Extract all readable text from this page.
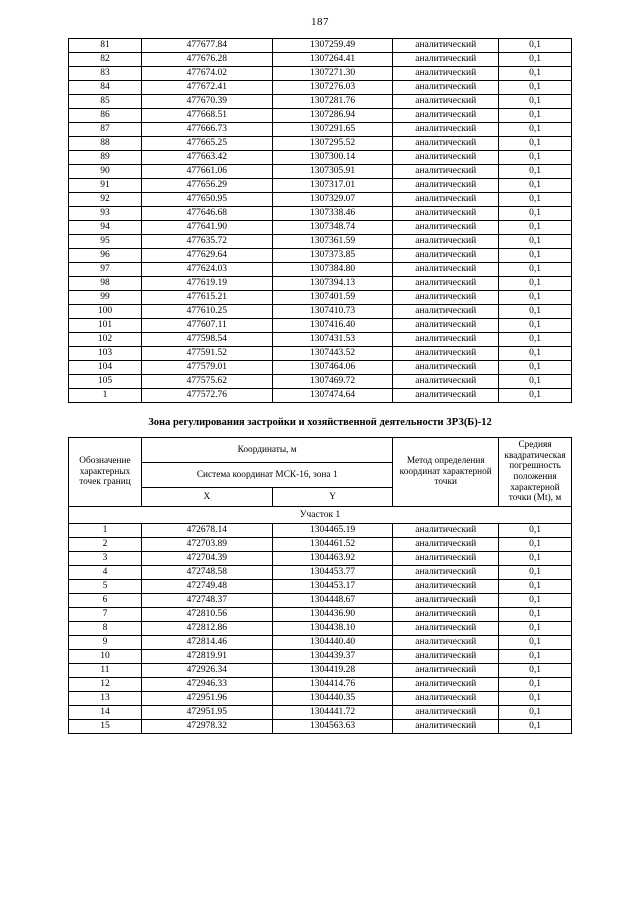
187
81	477677.84	1307259.49	аналитический	0,1
82	477676.28	1307264.41	аналитический	0,1
83	477674.02	1307271.30	аналитический	0,1
84	477672.41	1307276.03	аналитический	0,1
85	477670.39	1307281.76	аналитический	0,1
86	477668.51	1307286.94	аналитический	0,1
87	477666.73	1307291.65	аналитический	0,1
88	477665.25	1307295.52	аналитический	0,1
89	477663.42	1307300.14	аналитический	0,1
90	477661.06	1307305.91	аналитический	0,1
91	477656.29	1307317.01	аналитический	0,1
92	477650.95	1307329.07	аналитический	0,1
93	477646.68	1307338.46	аналитический	0,1
94	477641.90	1307348.74	аналитический	0,1
95	477635.72	1307361.59	аналитический	0,1
96	477629.64	1307373.85	аналитический	0,1
97	477624.03	1307384.80	аналитический	0,1
98	477619.19	1307394.13	аналитический	0,1
99	477615.21	1307401.59	аналитический	0,1
100	477610.25	1307410.73	аналитический	0,1
101	477607.11	1307416.40	аналитический	0,1
102	477598.54	1307431.53	аналитический	0,1
103	477591.52	1307443.52	аналитический	0,1
104	477579.01	1307464.06	аналитический	0,1
105	477575.62	1307469.72	аналитический	0,1
1	477572.76	1307474.64	аналитический	0,1
Зона регулирования застройки и хозяйственной деятельности ЗРЗ(Б)-12
Обозначение характерных точек границ	Координаты, м		Метод определения координат характерной точки	Средняя квадратическая погрешность положения характерной точки (Mt), м
	Система координат МСК-16, зона 1			
	X	Y		
Участок 1				
1	472678.14	1304465.19	аналитический	0,1
2	472703.89	1304461.52	аналитический	0,1
3	472704.39	1304463.92	аналитический	0,1
4	472748.58	1304453.77	аналитический	0,1
5	472749.48	1304453.17	аналитический	0,1
6	472748.37	1304448.67	аналитический	0,1
7	472810.56	1304436.90	аналитический	0,1
8	472812.86	1304438.10	аналитический	0,1
9	472814.46	1304440.40	аналитический	0,1
10	472819.91	1304439.37	аналитический	0,1
11	472926.34	1304419.28	аналитический	0,1
12	472946.33	1304414.76	аналитический	0,1
13	472951.96	1304440.35	аналитический	0,1
14	472951.95	1304441.72	аналитический	0,1
15	472978.32	1304563.63	аналитический	0,1
